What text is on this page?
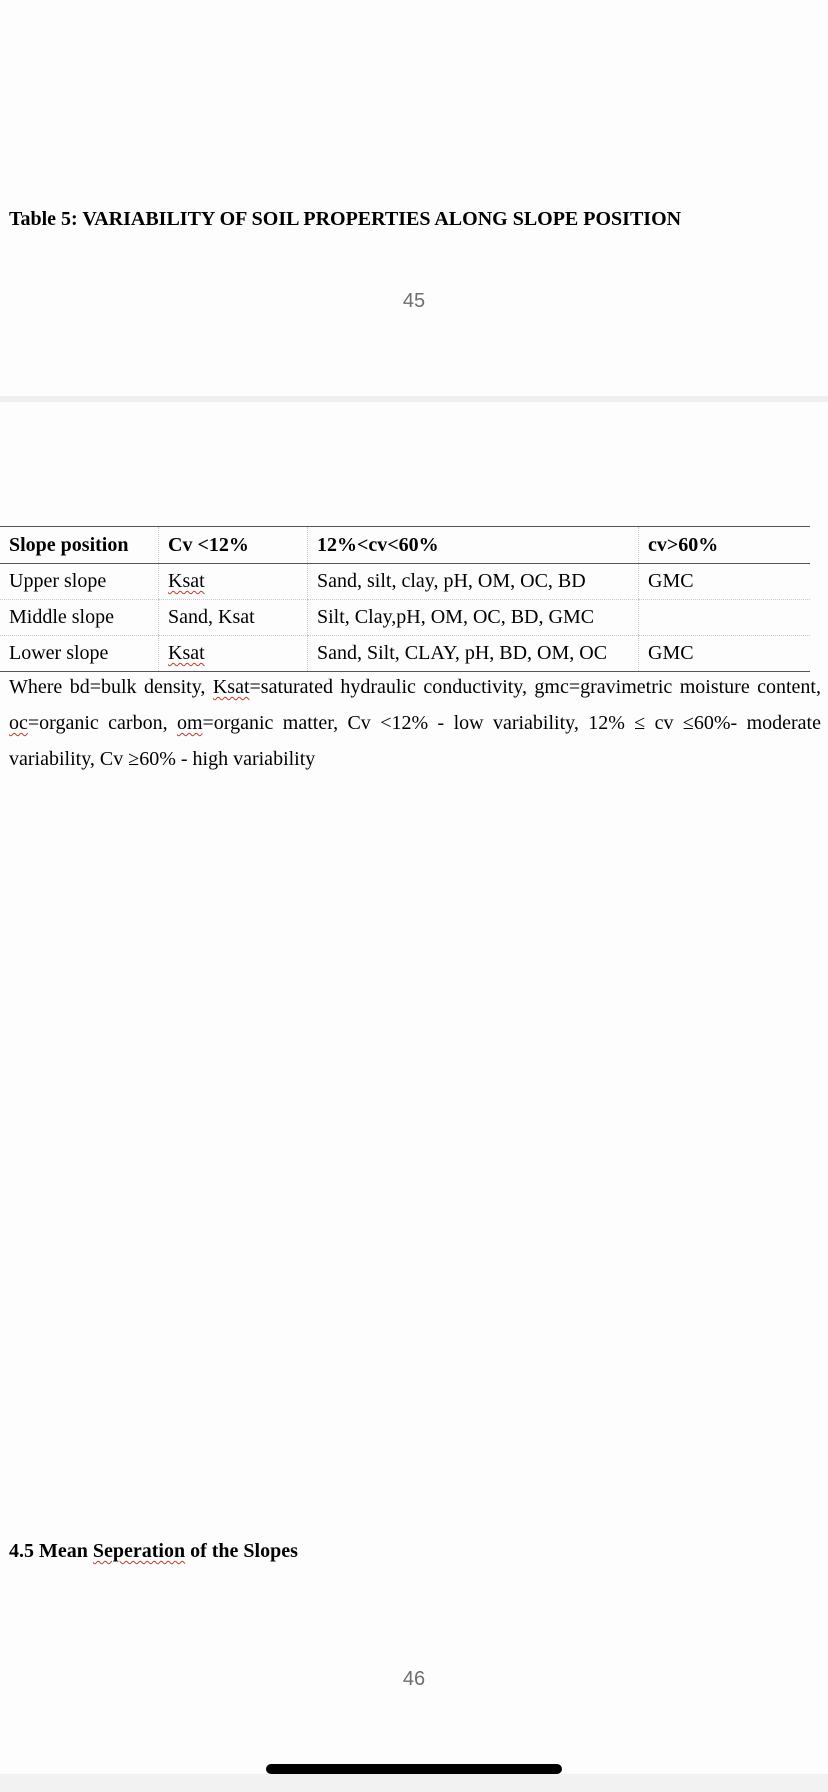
Table 5: VARIABILITY OF SOIL PROPERTIES ALONG SLOPE POSITION
45
Slope position	Cv <12%	12%<cv<60%	cv>60%
Upper slope	Ksat	Sand, silt, clay, pH, OM, OC, BD	GMC
Middle slope	Sand, Ksat	Silt, Clay,pH, OM, OC, BD, GMC	
Lower slope	Ksat	Sand, Silt, CLAY, pH, BD, OM, OC	GMC
Where bd=bulk density, Ksat=saturated hydraulic conductivity, gmc=gravimetric moisture content, oc=organic carbon, om=organic matter, Cv <12% - low variability, 12% ≤ cv ≤60%- moderate variability, Cv ≥60% - high variability
4.5 Mean Seperation of the Slopes
46
